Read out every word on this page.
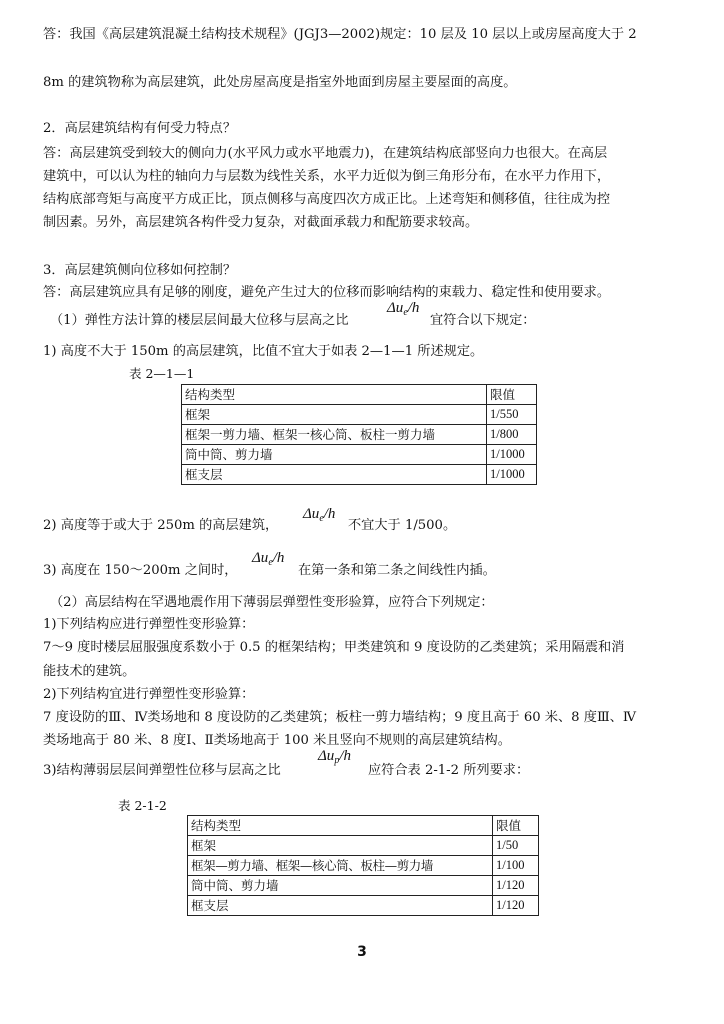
答：我国《高层建筑混凝土结构技术规程》(JGJ3—2002)规定：10 层及 10 层以上或房屋高度大于 2
8m 的建筑物称为高层建筑，此处房屋高度是指室外地面到房屋主要屋面的高度。
2．高层建筑结构有何受力特点？
答：高层建筑受到较大的侧向力(水平风力或水平地震力)，在建筑结构底部竖向力也很大。在高层
建筑中，可以认为柱的轴向力与层数为线性关系，水平力近似为倒三角形分布，在水平力作用下，
结构底部弯矩与高度平方成正比，顶点侧移与高度四次方成正比。上述弯矩和侧移值，往往成为控
制因素。另外，高层建筑各构件受力复杂，对截面承载力和配筋要求较高。
3．高层建筑侧向位移如何控制？
答：高层建筑应具有足够的刚度，避免产生过大的位移而影响结构的束载力、稳定性和使用要求。
（1）弹性方法计算的楼层层间最大位移与层高之比
$\Delta u_e/h$
宜符合以下规定：
1) 高度不大于 150m 的高层建筑，比值不宜大于如表 2—1—1 所述规定。
表 2—1—1
结构类型	限值
框架	1/550
框架一剪力墙、框架一核心筒、板柱一剪力墙	1/800
筒中筒、剪力墙	1/1000
框支层	1/1000
2) 高度等于或大于 250m 的高层建筑，
$\Delta u_e/h$
不宜大于 1/500。
3) 高度在 150～200m 之间时，
$\Delta u_e/h$
在第一条和第二条之间线性内插。
（2）高层结构在罕遇地震作用下薄弱层弹塑性变形验算，应符合下列规定：
1)下列结构应进行弹塑性变形验算：
7～9 度时楼层屈服强度系数小于 0.5 的框架结构；甲类建筑和 9 度设防的乙类建筑；采用隔震和消
能技术的建筑。
2)下列结构宜进行弹塑性变形验算：
7 度设防的Ⅲ、Ⅳ类场地和 8 度设防的乙类建筑；板柱一剪力墙结构；9 度且高于 60 米、8 度Ⅲ、Ⅳ
类场地高于 80 米、8 度Ⅰ、Ⅱ类场地高于 100 米且竖向不规则的高层建筑结构。
3)结构薄弱层层间弹塑性位移与层高之比
$\Delta u_p/h$
应符合表 2-1-2 所列要求：
表 2-1-2
结构类型	限值
框架	1/50
框架—剪力墙、框架—核心筒、板柱—剪力墙	1/100
筒中筒、剪力墙	1/120
框支层	1/120
3
